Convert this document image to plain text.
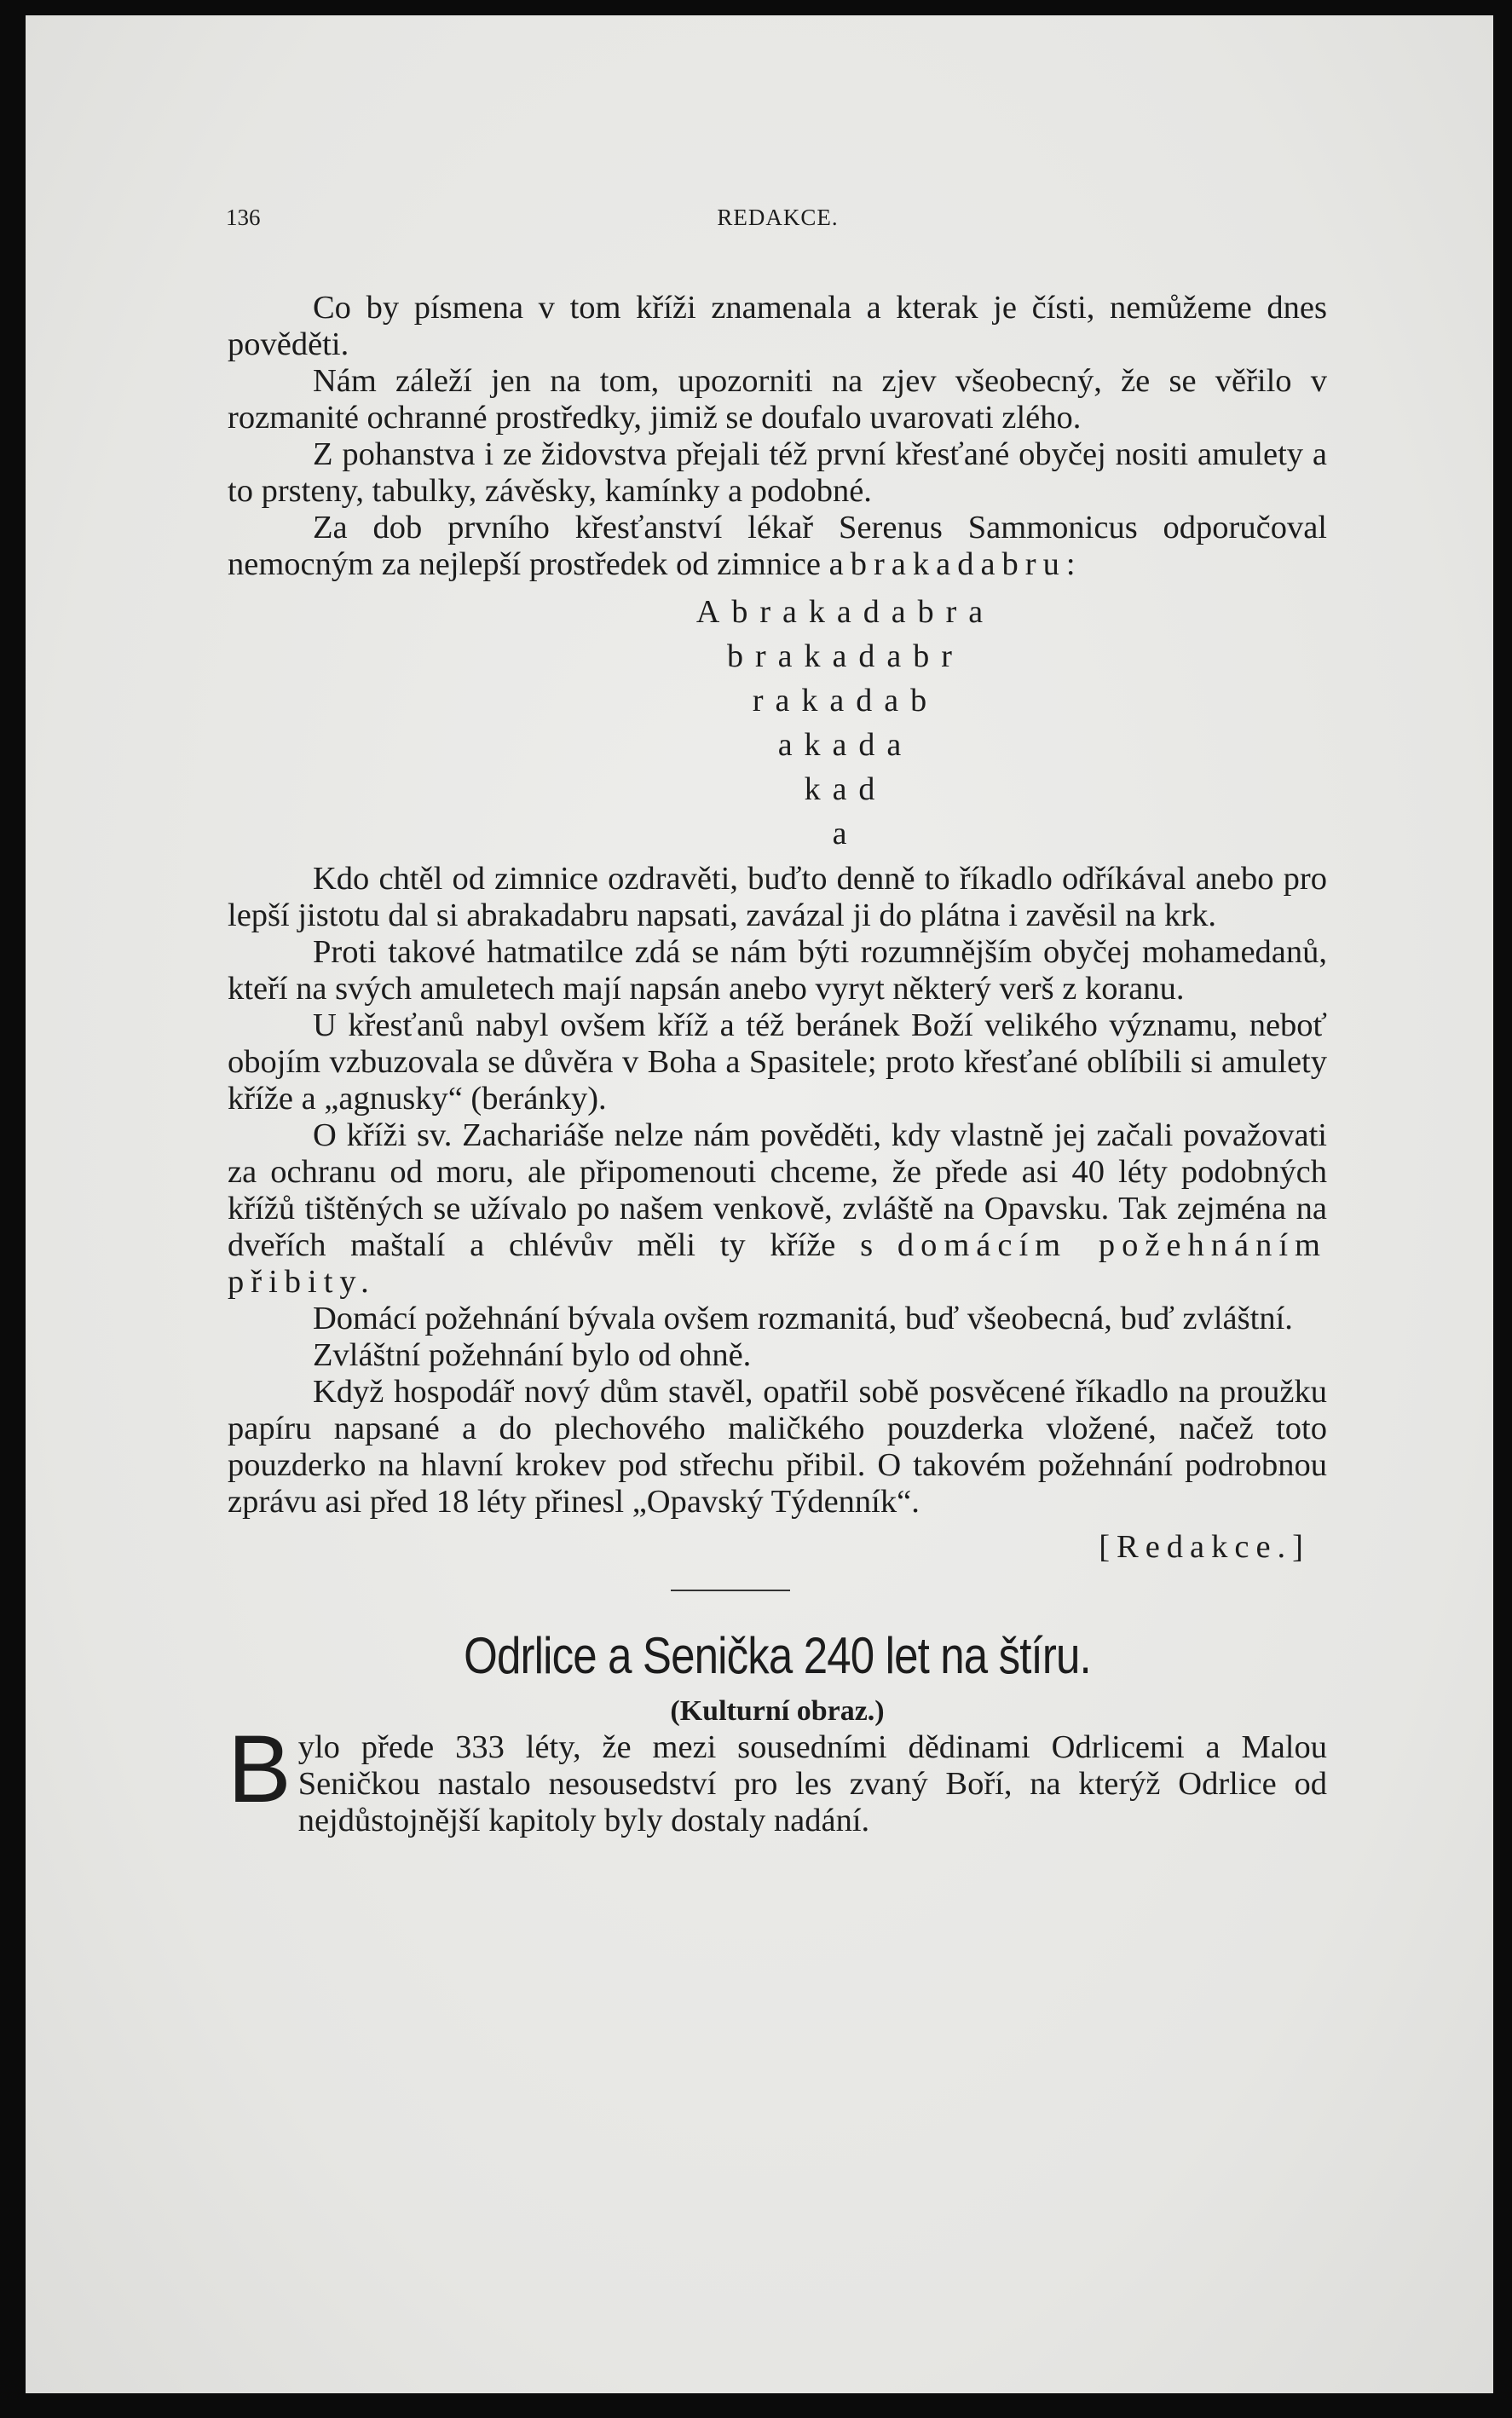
136	REDAKCE.

Co by písmena v tom kříži znamenala a kterak je čísti, nemůžeme dnes pověděti.

Nám záleží jen na tom, upozorniti na zjev všeobecný, že se věřilo v rozmanité ochranné prostředky, jimiž se doufalo uvarovati zlého.

Z pohanstva i ze židovstva přejali též první křesťané obyčej nositi amulety a to prsteny, tabulky, závěsky, kamínky a podobné.

Za dob prvního křesťanství lékař Serenus Sammonicus odporučoval nemocným za nejlepší prostředek od zimnice abrakadabru:

Abrakadabra
brakadabr
rakadab
akada
kad
a

Kdo chtěl od zimnice ozdravěti, buďto denně to říkadlo odříkával anebo pro lepší jistotu dal si abrakadabru napsati, zavázal ji do plátna i zavěsil na krk.

Proti takové hatmatilce zdá se nám býti rozumnějším obyčej mohamedanů, kteří na svých amuletech mají napsán anebo vyryt některý verš z koranu.

U křesťanů nabyl ovšem kříž a též beránek Boží velikého významu, neboť obojím vzbuzovala se důvěra v Boha a Spasitele; proto křesťané oblíbili si amulety kříže a „agnusky“ (beránky).

O kříži sv. Zachariáše nelze nám pověděti, kdy vlastně jej začali považovati za ochranu od moru, ale připomenouti chceme, že přede asi 40 léty podobných křížů tištěných se užívalo po našem venkově, zvláště na Opavsku. Tak zejména na dveřích maštalí a chlévův měli ty kříže s domácím požehnáním přibity.

Domácí požehnání bývala ovšem rozmanitá, buď všeobecná, buď zvláštní.

Zvláštní požehnání bylo od ohně.

Když hospodář nový dům stavěl, opatřil sobě posvěcené říkadlo na proužku papíru napsané a do plechového maličkého pouzderka vložené, načež toto pouzderko na hlavní krokev pod střechu přibil. O takovém požehnání podrobnou zprávu asi před 18 léty přinesl „Opavský Týdenník“.

[Redakce.]
Odrlice a Senička 240 let na štíru.
(Kulturní obraz.)

Bylo přede 333 léty, že mezi sousedními dědinami Odrlicemi a Malou Seničkou nastalo nesousedství pro les zvaný Boří, na kterýž Odrlice od nejdůstojnější kapitoly byly dostaly nadání.
